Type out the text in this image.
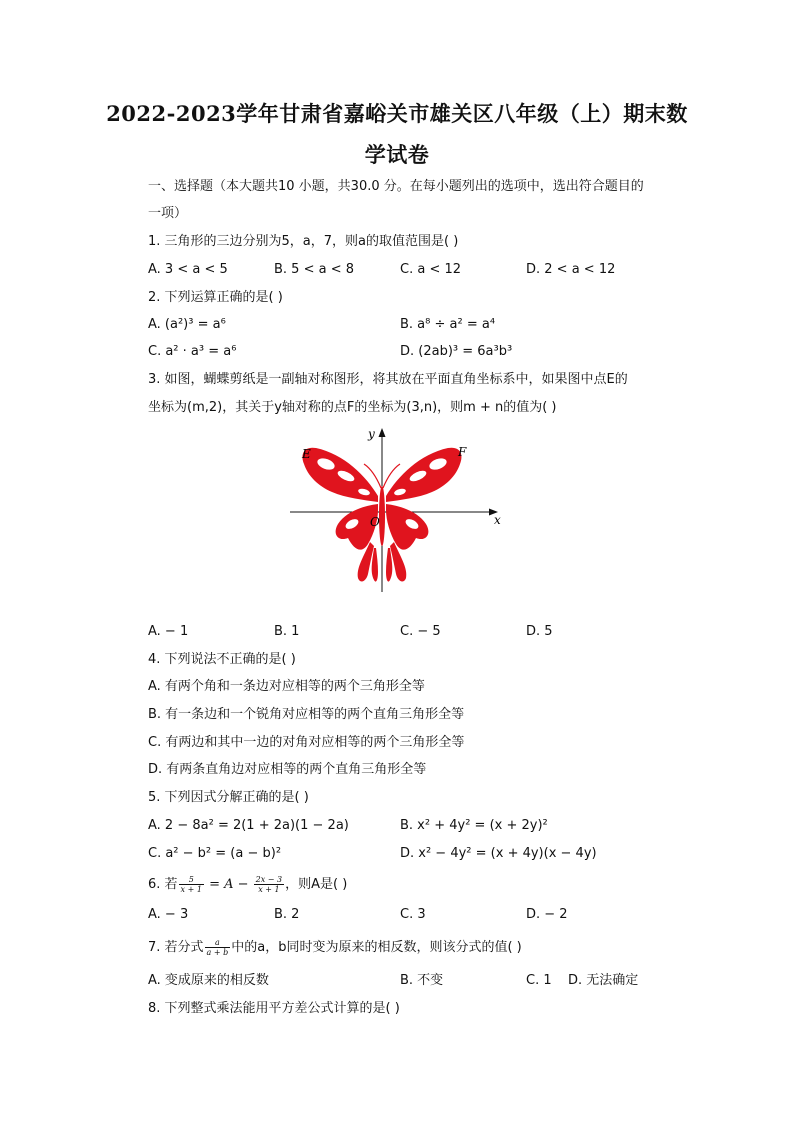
2022-2023学年甘肃省嘉峪关市雄关区八年级（上）期末数
学试卷
一、选择题（本大题共10 小题，共30.0 分。在每小题列出的选项中，选出符合题目的
一项）
1. 三角形的三边分别为5，a，7，则a的取值范围是( )
A. 3 < a < 5	B. 5 < a < 8	C. a < 12	D. 2 < a < 12
2. 下列运算正确的是( )
A. (a²)³ = a⁶	B. a⁸ ÷ a² = a⁴
C. a² · a³ = a⁶	D. (2ab)³ = 6a³b³
3. 如图，蝴蝶剪纸是一副轴对称图形，将其放在平面直角坐标系中，如果图中点E的
坐标为(m,2)，其关于y轴对称的点F的坐标为(3,n)，则m + n的值为( )
y
x
E	F
O
A. − 1	B. 1	C. − 5	D. 5
4. 下列说法不正确的是( )
A. 有两个角和一条边对应相等的两个三角形全等
B. 有一条边和一个锐角对应相等的两个直角三角形全等
C. 有两边和其中一边的对角对应相等的两个三角形全等
D. 有两条直角边对应相等的两个直角三角形全等
5. 下列因式分解正确的是( )
A. 2 − 8a² = 2(1 + 2a)(1 − 2a)	B. x² + 4y² = (x + 2y)²
C. a² − b² = (a − b)²	D. x² − 4y² = (x + 4y)(x − 4y)
6. 若 $\frac{5}{x + 1} = A - \frac{2x - 3}{x + 1}$ ，则A是( )
A. − 3	B. 2	C. 3	D. − 2
7. 若分式 $\frac{a}{a + b}$ 中的a，b同时变为原来的相反数，则该分式的值( )
A. 变成原来的相反数	B. 不变	C. 1 D. 无法确定
8. 下列整式乘法能用平方差公式计算的是( )
